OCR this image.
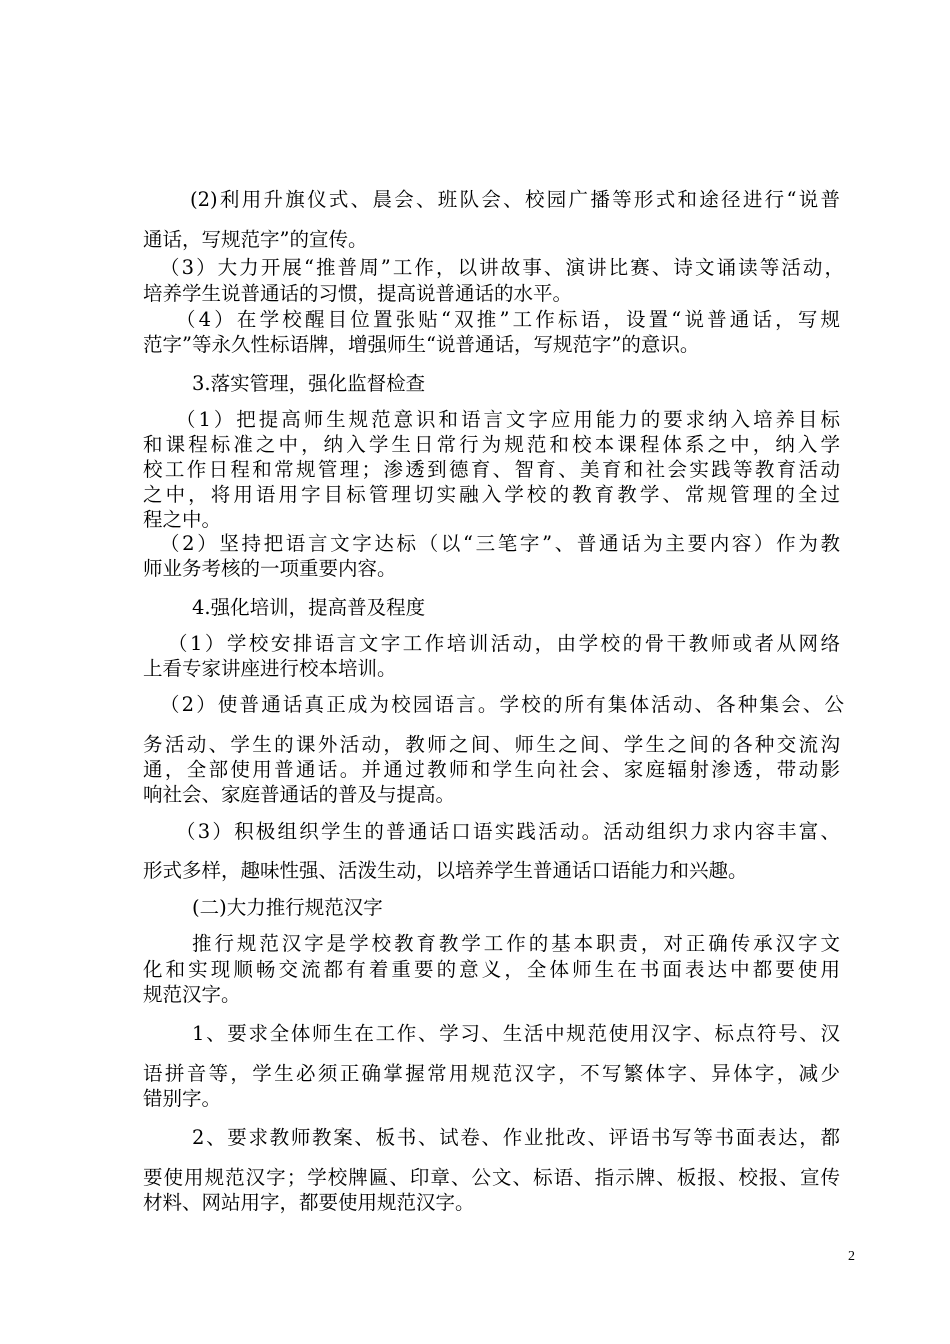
(2)利用升旗仪式、晨会、班队会、校园广播等形式和途径进行“说普
通话，写规范字”的宣传。
（3）大力开展“推普周”工作，以讲故事、演讲比赛、诗文诵读等活动，
培养学生说普通话的习惯，提高说普通话的水平。
（4）在学校醒目位置张贴“双推”工作标语，设置“说普通话，写规
范字”等永久性标语牌，增强师生“说普通话，写规范字”的意识。
3.落实管理，强化监督检查
（1）把提高师生规范意识和语言文字应用能力的要求纳入培养目标
和课程标准之中，纳入学生日常行为规范和校本课程体系之中，纳入学
校工作日程和常规管理；渗透到德育、智育、美育和社会实践等教育活动
之中，将用语用字目标管理切实融入学校的教育教学、常规管理的全过
程之中。
（2）坚持把语言文字达标（以“三笔字”、普通话为主要内容）作为教
师业务考核的一项重要内容。
4.强化培训，提高普及程度
（1）学校安排语言文字工作培训活动，由学校的骨干教师或者从网络
上看专家讲座进行校本培训。
（2）使普通话真正成为校园语言。学校的所有集体活动、各种集会、公
务活动、学生的课外活动，教师之间、师生之间、学生之间的各种交流沟
通，全部使用普通话。并通过教师和学生向社会、家庭辐射渗透，带动影
响社会、家庭普通话的普及与提高。
（3）积极组织学生的普通话口语实践活动。活动组织力求内容丰富、
形式多样，趣味性强、活泼生动，以培养学生普通话口语能力和兴趣。
(二)大力推行规范汉字
推行规范汉字是学校教育教学工作的基本职责，对正确传承汉字文
化和实现顺畅交流都有着重要的意义，全体师生在书面表达中都要使用
规范汉字。
1、要求全体师生在工作、学习、生活中规范使用汉字、标点符号、汉
语拼音等，学生必须正确掌握常用规范汉字，不写繁体字、异体字，减少
错别字。
2、要求教师教案、板书、试卷、作业批改、评语书写等书面表达，都
要使用规范汉字；学校牌匾、印章、公文、标语、指示牌、板报、校报、宣传
材料、网站用字，都要使用规范汉字。
2
